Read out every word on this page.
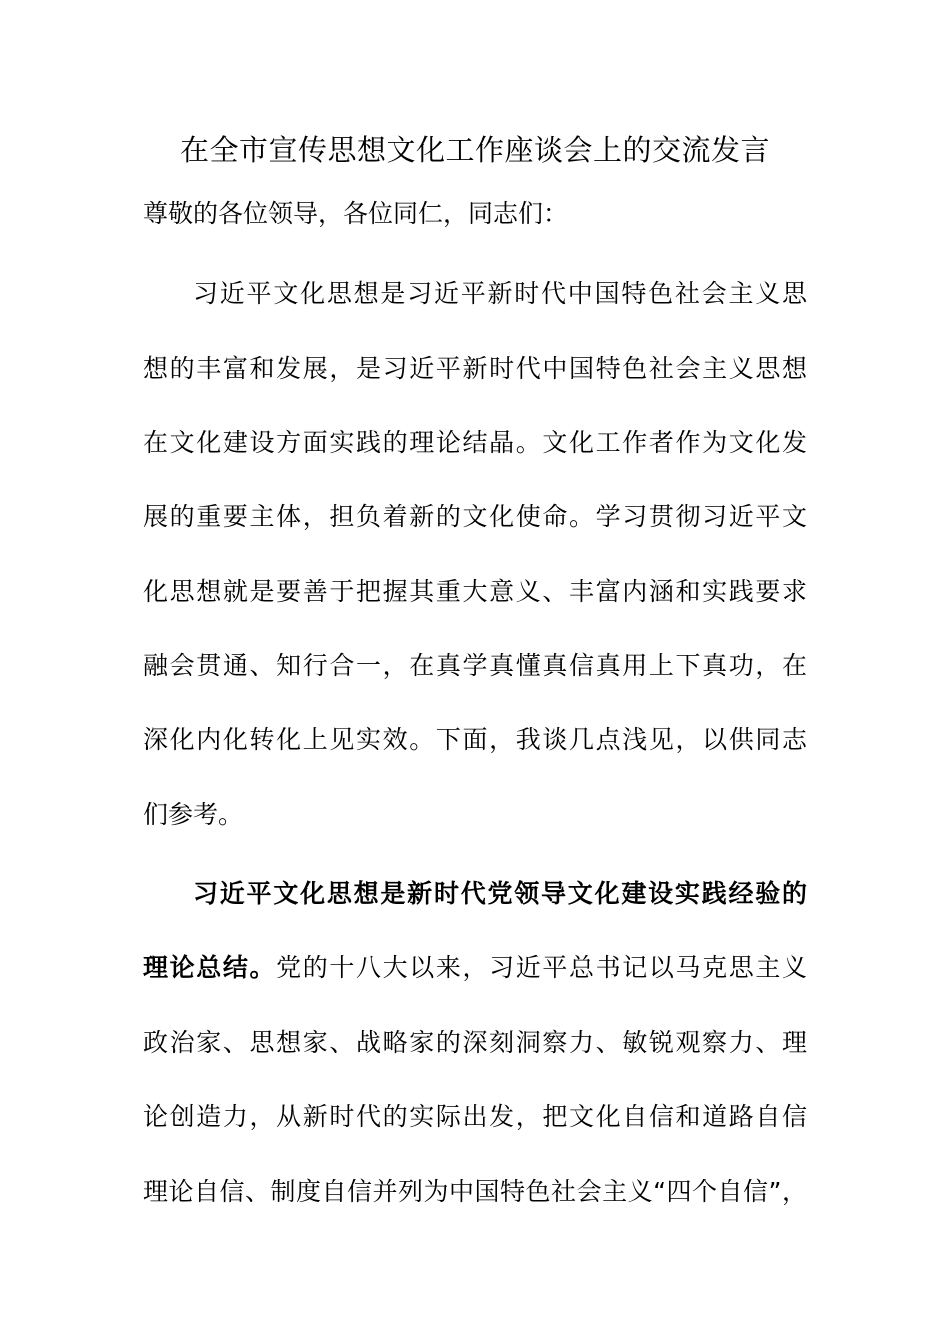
在全市宣传思想文化工作座谈会上的交流发言
尊敬的各位领导，各位同仁，同志们：
习近平文化思想是习近平新时代中国特色社会主义思
想的丰富和发展，是习近平新时代中国特色社会主义思想
在文化建设方面实践的理论结晶。文化工作者作为文化发
展的重要主体，担负着新的文化使命。学习贯彻习近平文
化思想就是要善于把握其重大意义、丰富内涵和实践要求
融会贯通、知行合一，在真学真懂真信真用上下真功，在
深化内化转化上见实效。下面，我谈几点浅见，以供同志
们参考。
习近平文化思想是新时代党领导文化建设实践经验的
理论总结。党的十八大以来，习近平总书记以马克思主义
政治家、思想家、战略家的深刻洞察力、敏锐观察力、理
论创造力，从新时代的实际出发，把文化自信和道路自信
理论自信、制度自信并列为中国特色社会主义“四个自信”，
